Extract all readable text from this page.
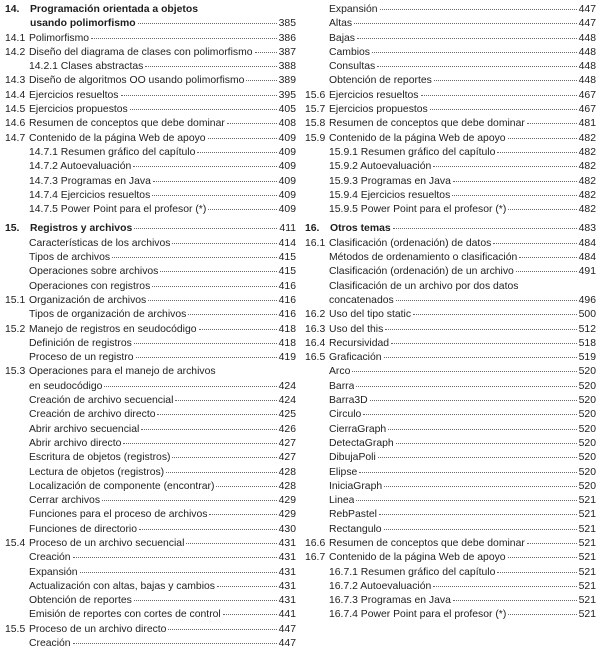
14.	Programación orientada a objetos
usando polimorfismo	385
14.1 Polimorfismo	386
14.2 Diseño del diagrama de clases con polimorfismo	387
14.2.1 Clases abstractas	388
14.3 Diseño de algoritmos OO usando polimorfismo	389
14.4 Ejercicios resueltos	395
14.5 Ejercicios propuestos	405
14.6 Resumen de conceptos que debe dominar	408
14.7 Contenido de la página Web de apoyo	409
14.7.1 Resumen gráfico del capítulo	409
14.7.2 Autoevaluación	409
14.7.3 Programas en Java	409
14.7.4 Ejercicios resueltos	409
14.7.5 Power Point para el profesor (*)	409
15.	Registros y archivos	411
Características de los archivos	414
Tipos de archivos	415
Operaciones sobre archivos	415
Operaciones con registros	416
15.1 Organización de archivos	416
Tipos de organización de archivos	416
15.2 Manejo de registros en seudocódigo	418
Definición de registros	418
Proceso de un registro	419
15.3 Operaciones para el manejo de archivos
en seudocódigo	424
Creación de archivo secuencial	424
Creación de archivo directo	425
Abrir archivo secuencial	426
Abrir archivo directo	427
Escritura de objetos (registros)	427
Lectura de objetos (registros)	428
Localización de componente (encontrar)	428
Cerrar archivos	429
Funciones para el proceso de archivos	429
Funciones de directorio	430
15.4 Proceso de un archivo secuencial	431
Creación	431
Expansión	431
Actualización con altas, bajas y cambios	431
Obtención de reportes	431
Emisión de reportes con cortes de control	441
15.5 Proceso de un archivo directo	447
Creación	447
Expansión	447
Altas	447
Bajas	448
Cambios	448
Consultas	448
Obtención de reportes	448
15.6 Ejercicios resueltos	467
15.7 Ejercicios propuestos	467
15.8 Resumen de conceptos que debe dominar	481
15.9 Contenido de la página Web de apoyo	482
15.9.1 Resumen gráfico del capítulo	482
15.9.2 Autoevaluación	482
15.9.3 Programas en Java	482
15.9.4 Ejercicios resueltos	482
15.9.5 Power Point para el profesor (*)	482
16.	Otros temas	483
16.1 Clasificación (ordenación) de datos	484
Métodos de ordenamiento o clasificación	484
Clasificación (ordenación) de un archivo	491
Clasificación de un archivo por dos datos
concatenados	496
16.2 Uso del tipo static	500
16.3 Uso del this	512
16.4 Recursividad	518
16.5 Graficación	519
Arco	520
Barra	520
Barra3D	520
Circulo	520
CierraGraph	520
DetectaGraph	520
DibujaPoli	520
Elipse	520
IniciaGraph	520
Linea	521
RebPastel	521
Rectangulo	521
16.6 Resumen de conceptos que debe dominar	521
16.7 Contenido de la página Web de apoyo	521
16.7.1 Resumen gráfico del capítulo	521
16.7.2 Autoevaluación	521
16.7.3 Programas en Java	521
16.7.4 Power Point para el profesor (*)	521
